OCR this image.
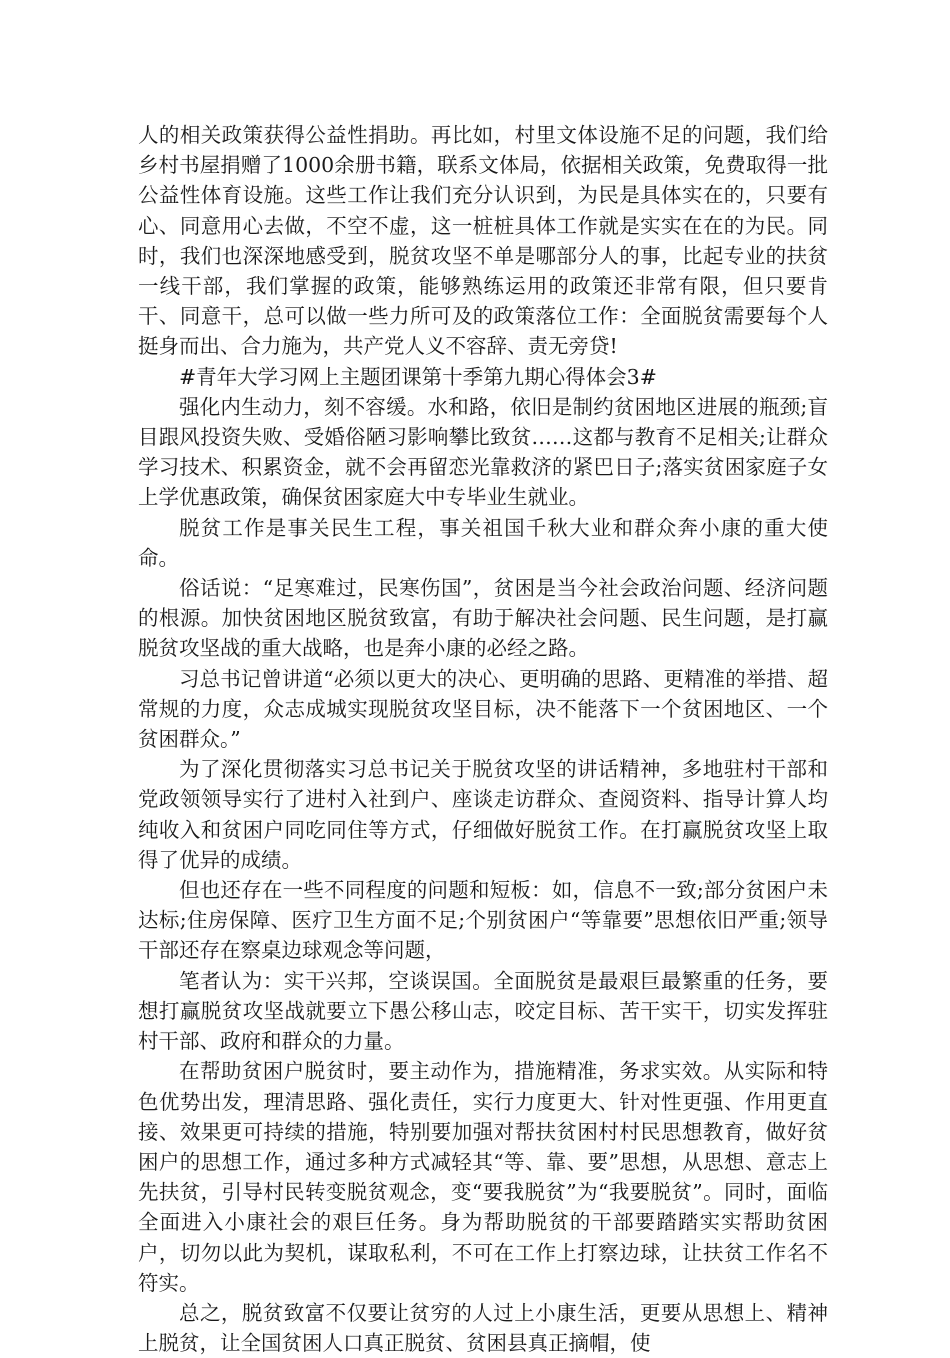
人的相关政策获得公益性捐助。再比如，村里文体设施不足的问题，我们给乡村书屋捐赠了1000余册书籍，联系文体局，依据相关政策，免费取得一批公益性体育设施。这些工作让我们充分认识到，为民是具体实在的，只要有心、同意用心去做，不空不虚，这一桩桩具体工作就是实实在在的为民。同时，我们也深深地感受到，脱贫攻坚不单是哪部分人的事，比起专业的扶贫一线干部，我们掌握的政策，能够熟练运用的政策还非常有限，但只要肯干、同意干，总可以做一些力所可及的政策落位工作：全面脱贫需要每个人挺身而出、合力施为，共产党人义不容辞、责无旁贷!

#青年大学习网上主题团课第十季第九期心得体会3#

强化内生动力，刻不容缓。水和路，依旧是制约贫困地区进展的瓶颈;盲目跟风投资失败、受婚俗陋习影响攀比致贫……这都与教育不足相关;让群众学习技术、积累资金，就不会再留恋光靠救济的紧巴日子;落实贫困家庭子女上学优惠政策，确保贫困家庭大中专毕业生就业。

脱贫工作是事关民生工程，事关祖国千秋大业和群众奔小康的重大使命。

俗话说：“足寒难过，民寒伤国”，贫困是当今社会政治问题、经济问题的根源。加快贫困地区脱贫致富，有助于解决社会问题、民生问题，是打赢脱贫攻坚战的重大战略，也是奔小康的必经之路。

习总书记曾讲道“必须以更大的决心、更明确的思路、更精准的举措、超常规的力度，众志成城实现脱贫攻坚目标，决不能落下一个贫困地区、一个贫困群众。”

为了深化贯彻落实习总书记关于脱贫攻坚的讲话精神，多地驻村干部和党政领领导实行了进村入社到户、座谈走访群众、查阅资料、指导计算人均纯收入和贫困户同吃同住等方式，仔细做好脱贫工作。在打赢脱贫攻坚上取得了优异的成绩。

但也还存在一些不同程度的问题和短板：如，信息不一致;部分贫困户未达标;住房保障、医疗卫生方面不足;个别贫困户“等靠要”思想依旧严重;领导干部还存在察桌边球观念等问题，

笔者认为：实干兴邦，空谈误国。全面脱贫是最艰巨最繁重的任务，要想打赢脱贫攻坚战就要立下愚公移山志，咬定目标、苦干实干，切实发挥驻村干部、政府和群众的力量。

在帮助贫困户脱贫时，要主动作为，措施精准，务求实效。从实际和特色优势出发，理清思路、强化责任，实行力度更大、针对性更强、作用更直接、效果更可持续的措施，特别要加强对帮扶贫困村村民思想教育，做好贫困户的思想工作，通过多种方式减轻其“等、靠、要”思想，从思想、意志上先扶贫，引导村民转变脱贫观念，变“要我脱贫”为“我要脱贫”。同时，面临全面进入小康社会的艰巨任务。身为帮助脱贫的干部要踏踏实实帮助贫困户，切勿以此为契机，谋取私利，不可在工作上打察边球，让扶贫工作名不符实。

总之，脱贫致富不仅要让贫穷的人过上小康生活，更要从思想上、精神上脱贫，让全国贫困人口真正脱贫、贫困县真正摘帽，使
